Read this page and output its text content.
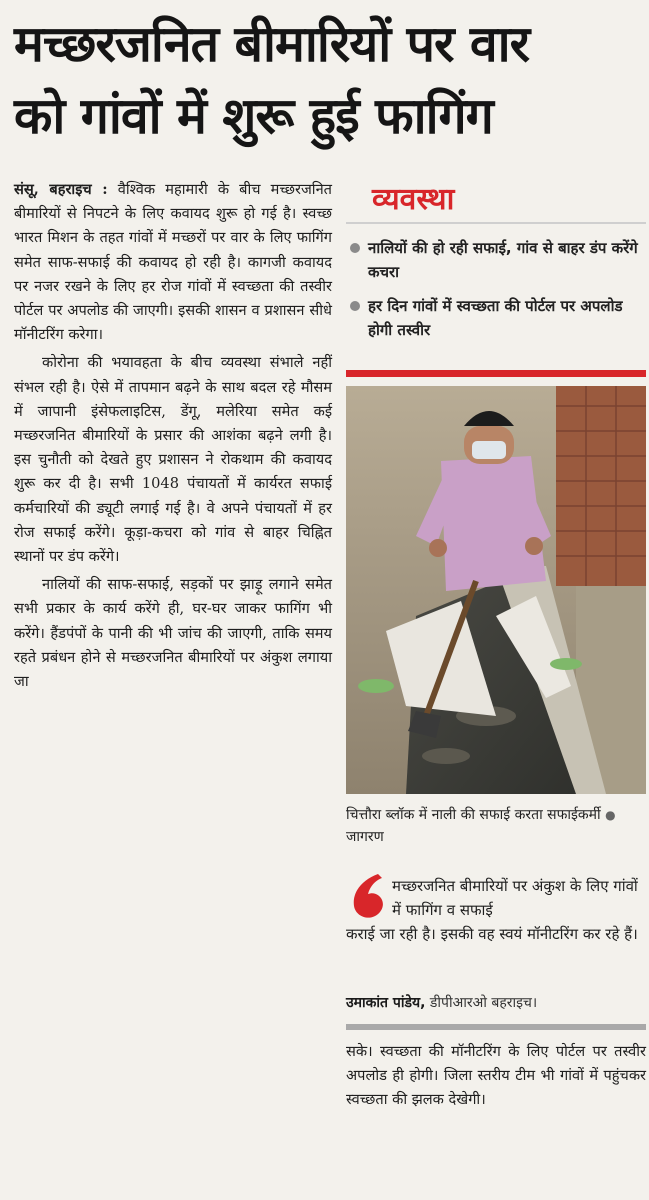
मच्छरजनित बीमारियों पर वार
को गांवों में शुरू हुई फागिंग

संसू, बहराइच : वैश्विक महामारी के बीच मच्छरजनित बीमारियों से निपटने के लिए कवायद शुरू हो गई है। स्वच्छ भारत मिशन के तहत गांवों में मच्छरों पर वार के लिए फागिंग समेत साफ-सफाई की कवायद हो रही है। कागजी कवायद पर नजर रखने के लिए हर रोज गांवों में स्वच्छता की तस्वीर पोर्टल पर अपलोड की जाएगी। इसकी शासन व प्रशासन सीधे मॉनीटरिंग करेगा।

कोरोना की भयावहता के बीच व्यवस्था संभाले नहीं संभल रही है। ऐसे में तापमान बढ़ने के साथ बदल रहे मौसम में जापानी इंसेफलाइटिस, डेंगू, मलेरिया समेत कई मच्छरजनित बीमारियों के प्रसार की आशंका बढ़ने लगी है। इस चुनौती को देखते हुए प्रशासन ने रोकथाम की कवायद शुरू कर दी है। सभी 1048 पंचायतों में कार्यरत सफाई कर्मचारियों की ड्यूटी लगाई गई है। वे अपने पंचायतों में हर रोज सफाई करेंगे। कूड़ा-कचरा को गांव से बाहर चिह्नित स्थानों पर डंप करेंगे।

नालियों की साफ-सफाई, सड़कों पर झाड़ू लगाने समेत सभी प्रकार के कार्य करेंगे ही, घर-घर जाकर फागिंग भी करेंगे। हैंडपंपों के पानी की भी जांच की जाएगी, ताकि समय रहते प्रबंधन होने से मच्छरजनित बीमारियों पर अंकुश लगाया जा

व्यवस्था
नालियों की हो रही सफाई, गांव से बाहर डंप करेंगे कचरा
हर दिन गांवों में स्वच्छता की पोर्टल पर अपलोड होगी तस्वीर
चित्तौरा ब्लॉक में नाली की सफाई करता सफाईकर्मी ● जागरण
मच्छरजनित बीमारियों पर अंकुश के लिए गांवों में फागिंग व सफाई
कराई जा रही है। इसकी वह स्वयं मॉनीटरिंग कर रहे हैं।
उमाकांत पांडेय, डीपीआरओ बहराइच।
सके। स्वच्छता की मॉनीटरिंग के लिए पोर्टल पर तस्वीर अपलोड ही होगी। जिला स्तरीय टीम भी गांवों में पहुंचकर स्वच्छता की झलक देखेगी।
